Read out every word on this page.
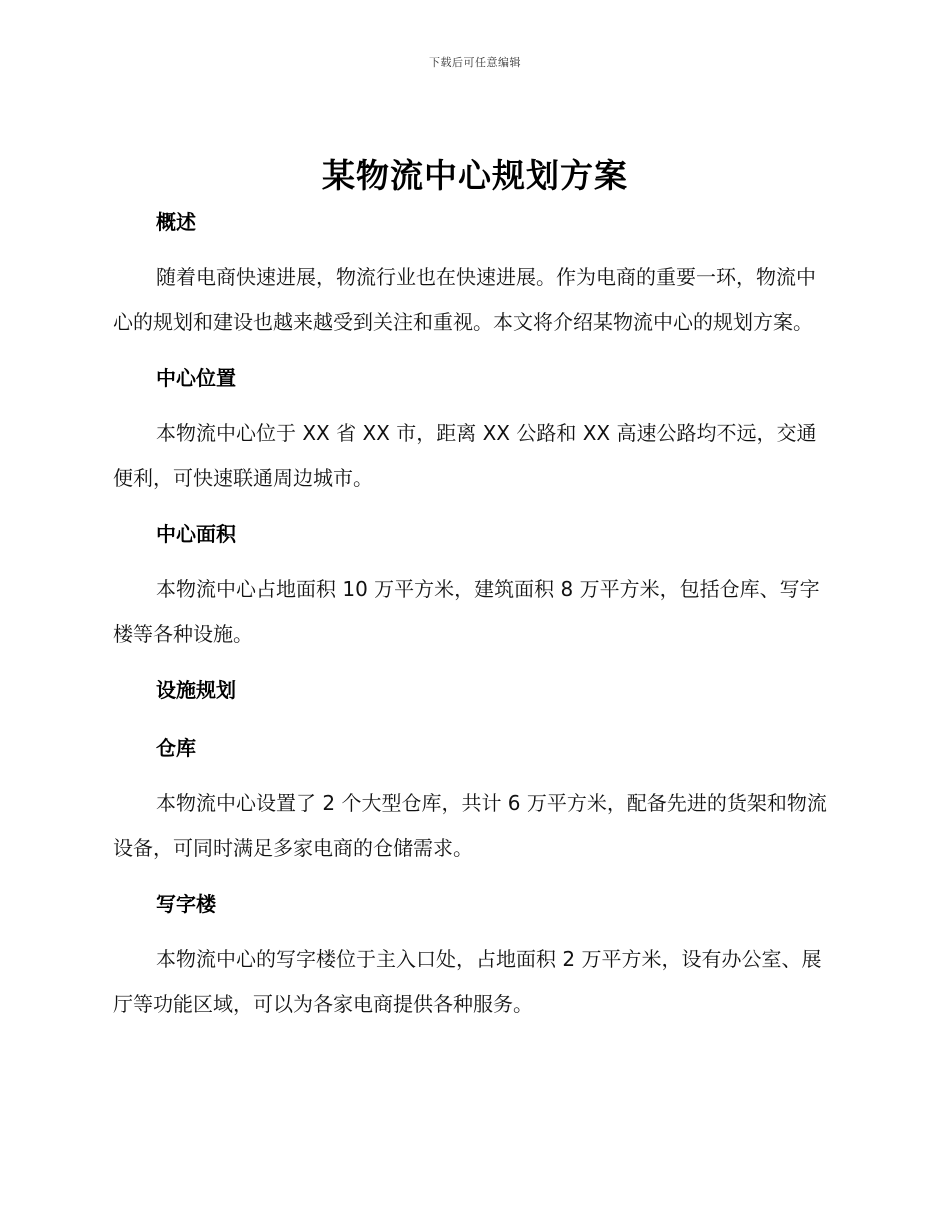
下载后可任意编辑
某物流中心规划方案
概述

随着电商快速进展，物流行业也在快速进展。作为电商的重要一环，物流中心的规划和建设也越来越受到关注和重视。本文将介绍某物流中心的规划方案。

中心位置

本物流中心位于 XX 省 XX 市，距离 XX 公路和 XX 高速公路均不远，交通便利，可快速联通周边城市。

中心面积

本物流中心占地面积 10 万平方米，建筑面积 8 万平方米，包括仓库、写字楼等各种设施。

设施规划
仓库

本物流中心设置了 2 个大型仓库，共计 6 万平方米，配备先进的货架和物流设备，可同时满足多家电商的仓储需求。

写字楼

本物流中心的写字楼位于主入口处，占地面积 2 万平方米，设有办公室、展厅等功能区域，可以为各家电商提供各种服务。
